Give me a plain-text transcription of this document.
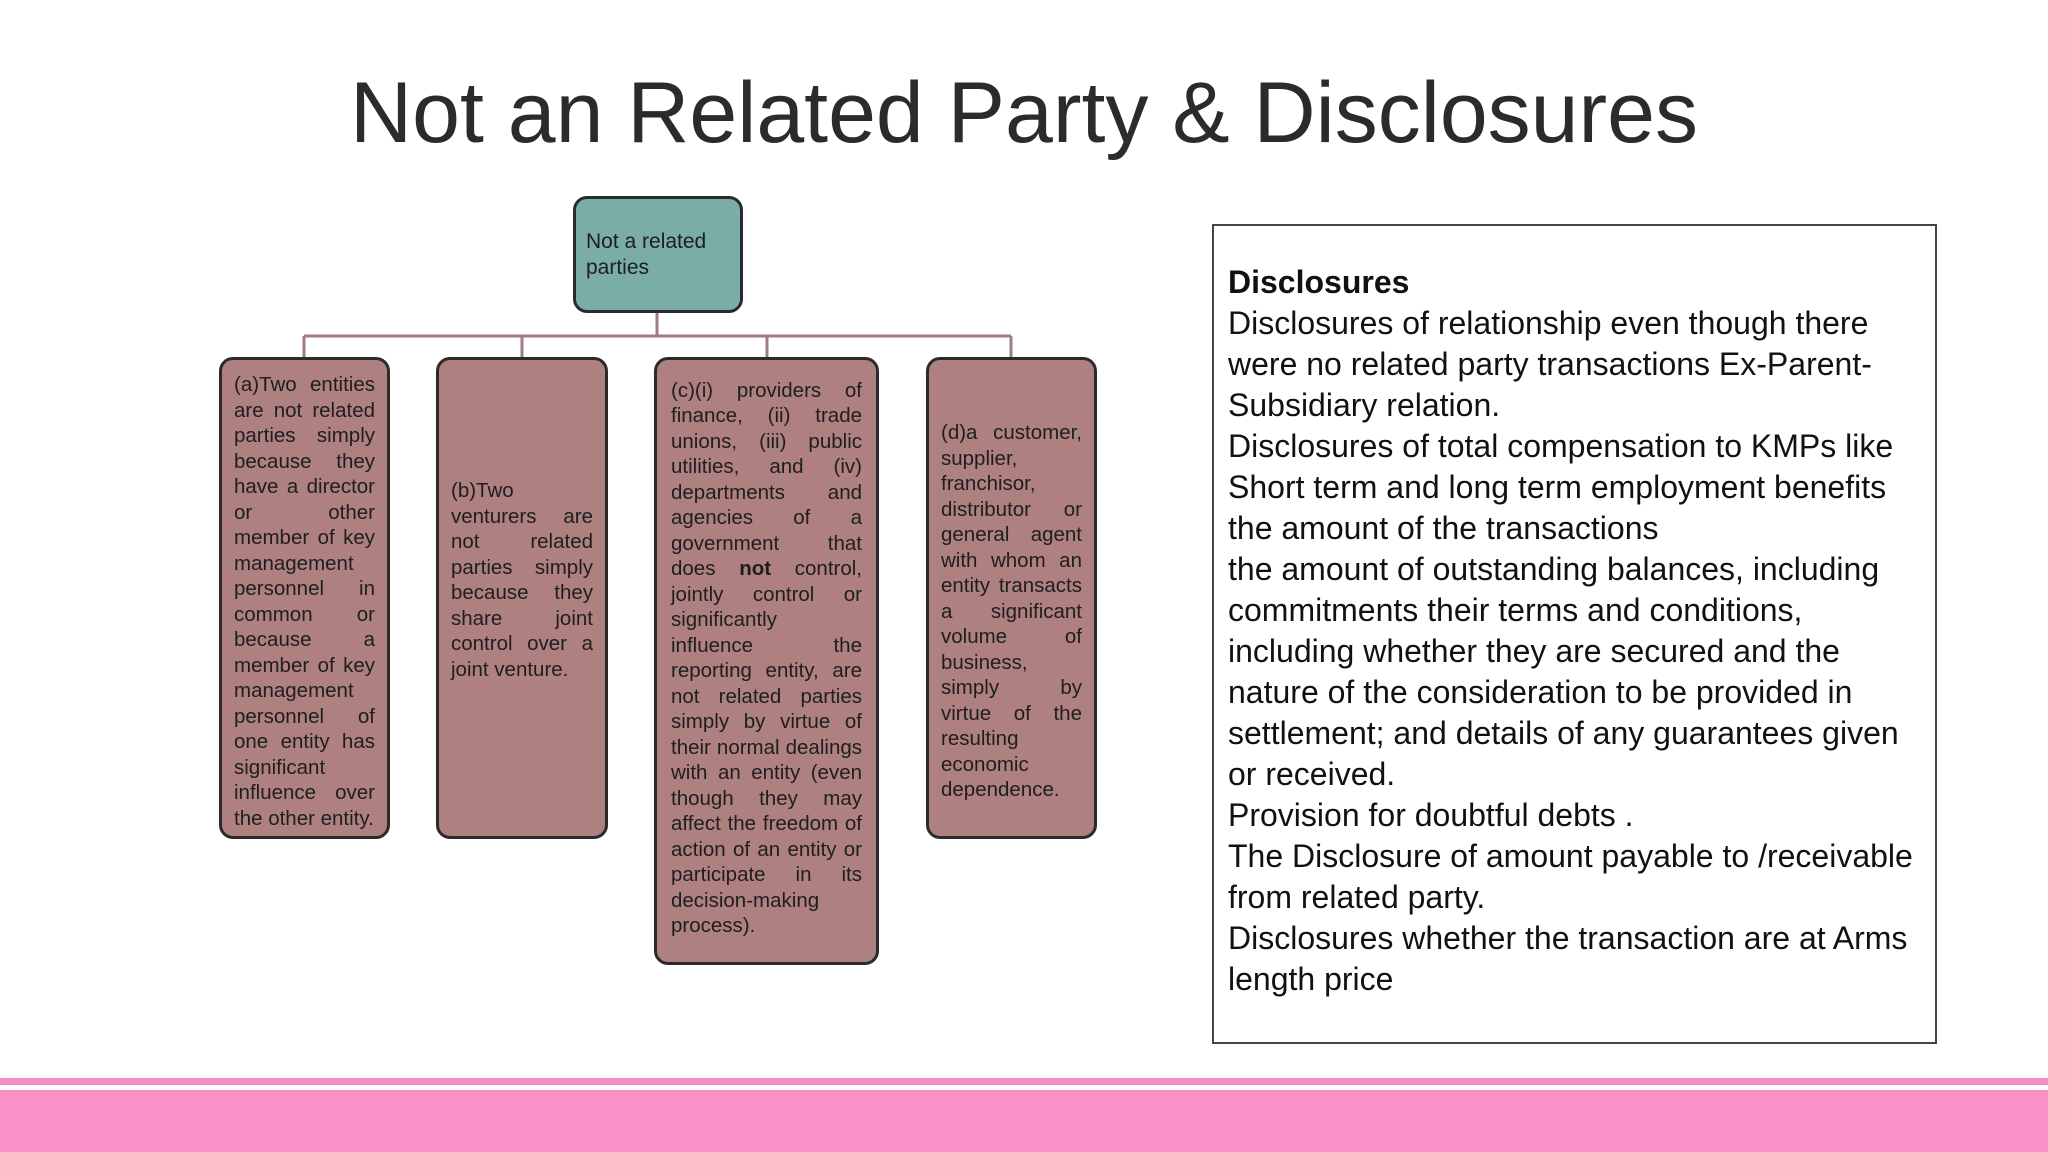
Not an Related Party & Disclosures
Not a related parties
(a)Two entities are not related parties simply because they have a director or other member of key management personnel in common or because a member of key management personnel of one entity has significant influence over the other entity.
(b)Two venturers are not related parties simply because they share joint control over a joint venture.
(c)(i) providers of finance, (ii) trade unions, (iii) public utilities, and (iv) departments and agencies of a government that does not control, jointly control or significantly influence the reporting entity, are not related parties simply by virtue of their normal dealings with an entity (even though they may affect the freedom of action of an entity or participate in its decision-making process).
(d)a customer, supplier, franchisor, distributor or general agent with whom an entity transacts a significant volume of business, simply by virtue of the resulting economic dependence.
Disclosures
Disclosures of relationship even though there were no related party transactions Ex-Parent-Subsidiary relation.
Disclosures of total compensation to KMPs like Short term and long term employment benefits
the amount of the transactions
the amount of outstanding balances, including commitments their terms and conditions, including whether they are secured and the nature of the consideration to be provided in settlement; and details of any guarantees given or received.
Provision for doubtful debts .
The Disclosure of amount payable to /receivable from related party.
Disclosures whether the transaction are at Arms length price
